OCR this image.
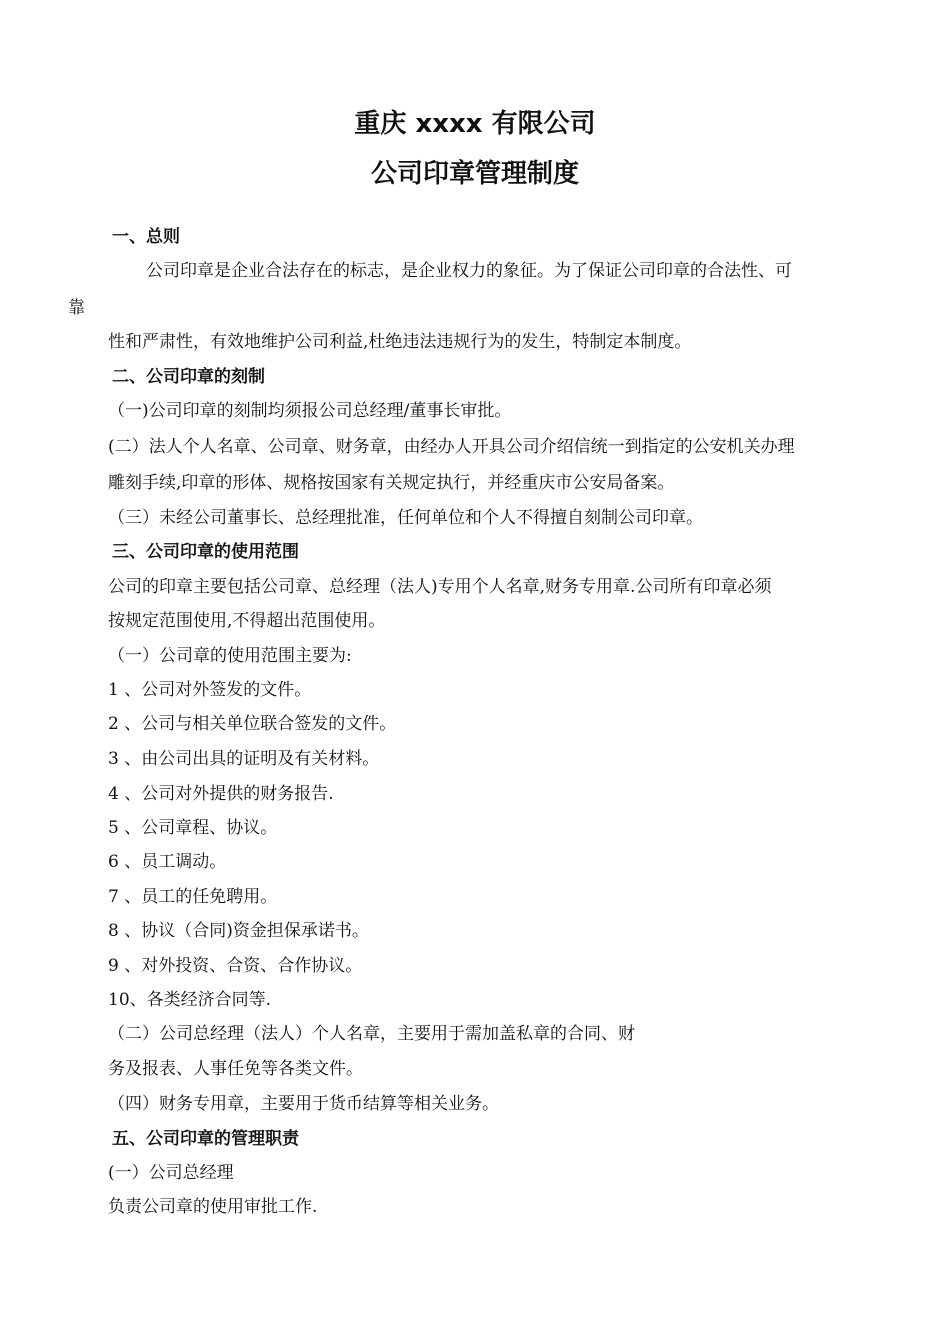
重庆 xxxx 有限公司
公司印章管理制度

一、总则

公司印章是企业合法存在的标志，是企业权力的象征。为了保证公司印章的合法性、可

靠

性和严肃性，有效地维护公司利益,杜绝违法违规行为的发生，特制定本制度。

二、公司印章的刻制

（一)公司印章的刻制均须报公司总经理/董事长审批。

(二）法人个人名章、公司章、财务章，由经办人开具公司介绍信统一到指定的公安机关办理

雕刻手续,印章的形体、规格按国家有关规定执行，并经重庆市公安局备案。

（三）未经公司董事长、总经理批准，任何单位和个人不得擅自刻制公司印章。

三、公司印章的使用范围

公司的印章主要包括公司章、总经理（法人)专用个人名章,财务专用章.公司所有印章必须

按规定范围使用,不得超出范围使用。

（一）公司章的使用范围主要为:

1 、公司对外签发的文件。

2 、公司与相关单位联合签发的文件。

3 、由公司出具的证明及有关材料。

4 、公司对外提供的财务报告.

5 、公司章程、协议。

6 、员工调动。

7 、员工的任免聘用。

8 、协议（合同)资金担保承诺书。

9 、对外投资、合资、合作协议。

10、各类经济合同等.

（二）公司总经理（法人）个人名章，主要用于需加盖私章的合同、财

务及报表、人事任免等各类文件。

（四）财务专用章，主要用于货币结算等相关业务。

五、公司印章的管理职责

(一）公司总经理

负责公司章的使用审批工作.
